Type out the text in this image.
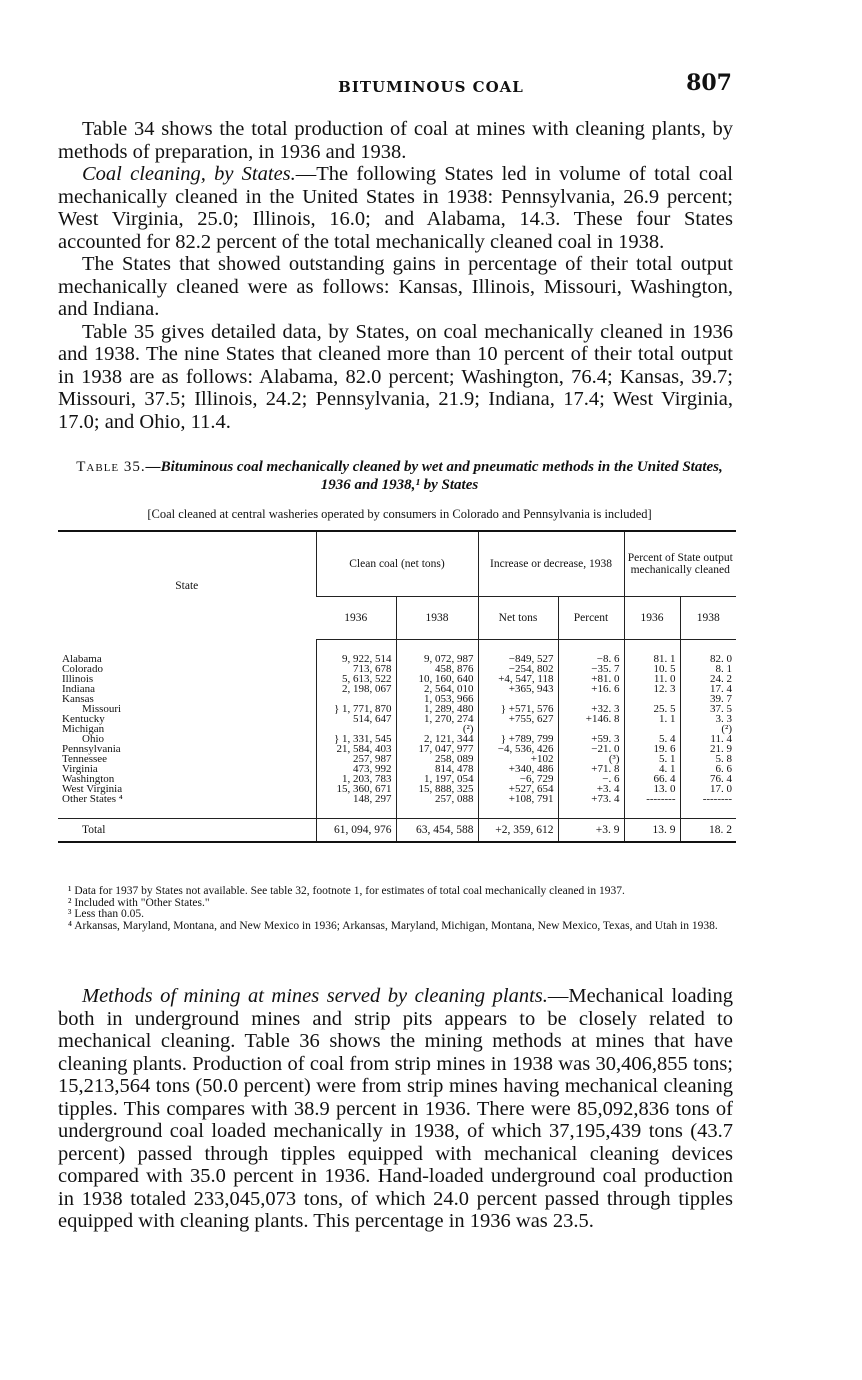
BITUMINOUS COAL	807

Table 34 shows the total production of coal at mines with cleaning plants, by methods of preparation, in 1936 and 1938.

Coal cleaning, by States.—The following States led in volume of total coal mechanically cleaned in the United States in 1938: Pennsylvania, 26.9 percent; West Virginia, 25.0; Illinois, 16.0; and Alabama, 14.3. These four States accounted for 82.2 percent of the total mechanically cleaned coal in 1938.

The States that showed outstanding gains in percentage of their total output mechanically cleaned were as follows: Kansas, Illinois, Missouri, Washington, and Indiana.

Table 35 gives detailed data, by States, on coal mechanically cleaned in 1936 and 1938. The nine States that cleaned more than 10 percent of their total output in 1938 are as follows: Alabama, 82.0 percent; Washington, 76.4; Kansas, 39.7; Missouri, 37.5; Illinois, 24.2; Pennsylvania, 21.9; Indiana, 17.4; West Virginia, 17.0; and Ohio, 11.4.

Table 35.—Bituminous coal mechanically cleaned by wet and pneumatic methods in the United States, 1936 and 1938,¹ by States
[Coal cleaned at central washeries operated by consumers in Colorado and Pennsylvania is included]
State	Clean coal (net tons)		Increase or decrease, 1938		Percent of State output mechanically cleaned	
	1936	1938	Net tons	Percent	1936	1938

Alabama	9, 922, 514	9, 072, 987	−849, 527	−8. 6	81. 1	82. 0
Colorado	713, 678	458, 876	−254, 802	−35. 7	10. 5	8. 1
Illinois	5, 613, 522	10, 160, 640	+4, 547, 118	+81. 0	11. 0	24. 2
Indiana	2, 198, 067	2, 564, 010	+365, 943	+16. 6	12. 3	17. 4
Kansas		1, 053, 966				39. 7
Missouri	} 1, 771, 870	1, 289, 480	} +571, 576	+32. 3	25. 5	37. 5
Kentucky	514, 647	1, 270, 274	+755, 627	+146. 8	1. 1	3. 3
Michigan		(²)				(²)
Ohio	} 1, 331, 545	2, 121, 344	} +789, 799	+59. 3	5. 4	11. 4
Pennsylvania	21, 584, 403	17, 047, 977	−4, 536, 426	−21. 0	19. 6	21. 9
Tennessee	257, 987	258, 089	+102	(³)	5. 1	5. 8
Virginia	473, 992	814, 478	+340, 486	+71. 8	4. 1	6. 6
Washington	1, 203, 783	1, 197, 054	−6, 729	−. 6	66. 4	76. 4
West Virginia	15, 360, 671	15, 888, 325	+527, 654	+3. 4	13. 0	17. 0
Other States ⁴	148, 297	257, 088	+108, 791	+73. 4	--------	--------

Total	61, 094, 976	63, 454, 588	+2, 359, 612	+3. 9	13. 9	18. 2

¹ Data for 1937 by States not available. See table 32, footnote 1, for estimates of total coal mechanically cleaned in 1937.

² Included with "Other States."

³ Less than 0.05.

⁴ Arkansas, Maryland, Montana, and New Mexico in 1936; Arkansas, Maryland, Michigan, Montana, New Mexico, Texas, and Utah in 1938.

Methods of mining at mines served by cleaning plants.—Mechanical loading both in underground mines and strip pits appears to be closely related to mechanical cleaning. Table 36 shows the mining methods at mines that have cleaning plants. Production of coal from strip mines in 1938 was 30,406,855 tons; 15,213,564 tons (50.0 percent) were from strip mines having mechanical cleaning tipples. This compares with 38.9 percent in 1936. There were 85,092,836 tons of underground coal loaded mechanically in 1938, of which 37,195,439 tons (43.7 percent) passed through tipples equipped with mechanical cleaning devices compared with 35.0 percent in 1936. Hand-loaded underground coal production in 1938 totaled 233,045,073 tons, of which 24.0 percent passed through tipples equipped with cleaning plants. This percentage in 1936 was 23.5.
